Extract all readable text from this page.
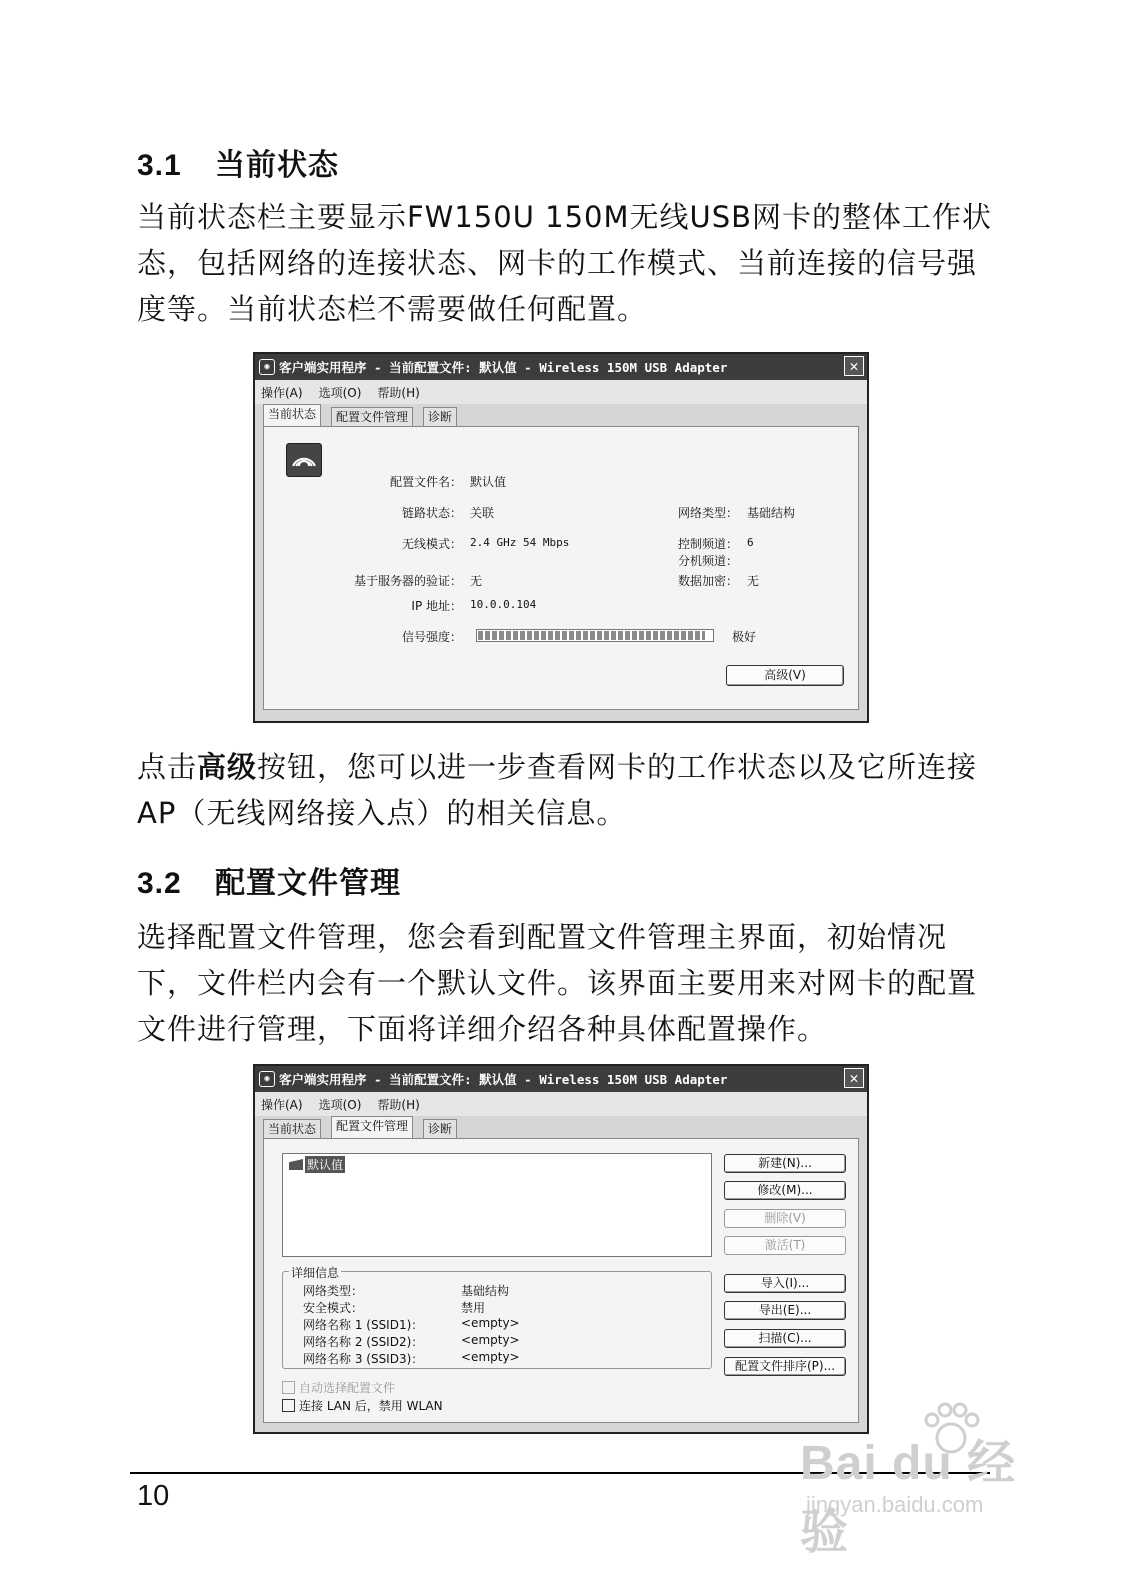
3.1 当前状态

当前状态栏主要显示FW150U 150M无线USB网卡的整体工作状态，包括网络的连接状态、网卡的工作模式、当前连接的信号强度等。当前状态栏不需要做任何配置。

◉ 客户端实用程序 - 当前配置文件: 默认值 - Wireless 150M USB Adapter	✕
操作(A) 选项(O) 帮助(H)
当前状态	配置文件管理	诊断
配置文件名： 默认值
链路状态： 关联	网络类型： 基础结构
无线模式： 2.4 GHz 54 Mbps	控制频道： 6
分机频道：
基于服务器的验证： 无	数据加密： 无
IP 地址： 10.0.0.104
信号强度：	极好
高级(V)

点击高级按钮，您可以进一步查看网卡的工作状态以及它所连接AP（无线网络接入点）的相关信息。

3.2 配置文件管理

选择配置文件管理，您会看到配置文件管理主界面，初始情况下，文件栏内会有一个默认文件。该界面主要用来对网卡的配置文件进行管理，下面将详细介绍各种具体配置操作。

◉ 客户端实用程序 - 当前配置文件: 默认值 - Wireless 150M USB Adapter	✕
操作(A) 选项(O) 帮助(H)
当前状态	配置文件管理	诊断
默认值	新建(N)...
修改(M)...
删除(V)
激活(T)
导入(I)...
导出(E)...
扫描(C)...
配置文件排序(P)...
详细信息
网络类型：	基础结构
安全模式：	禁用
网络名称 1 (SSID1)：	<empty>
网络名称 2 (SSID2)：	<empty>
网络名称 3 (SSID3)：	<empty>
自动选择配置文件
连接 LAN 后，禁用 WLAN
10
Bai du 经验
jingyan.baidu.com
